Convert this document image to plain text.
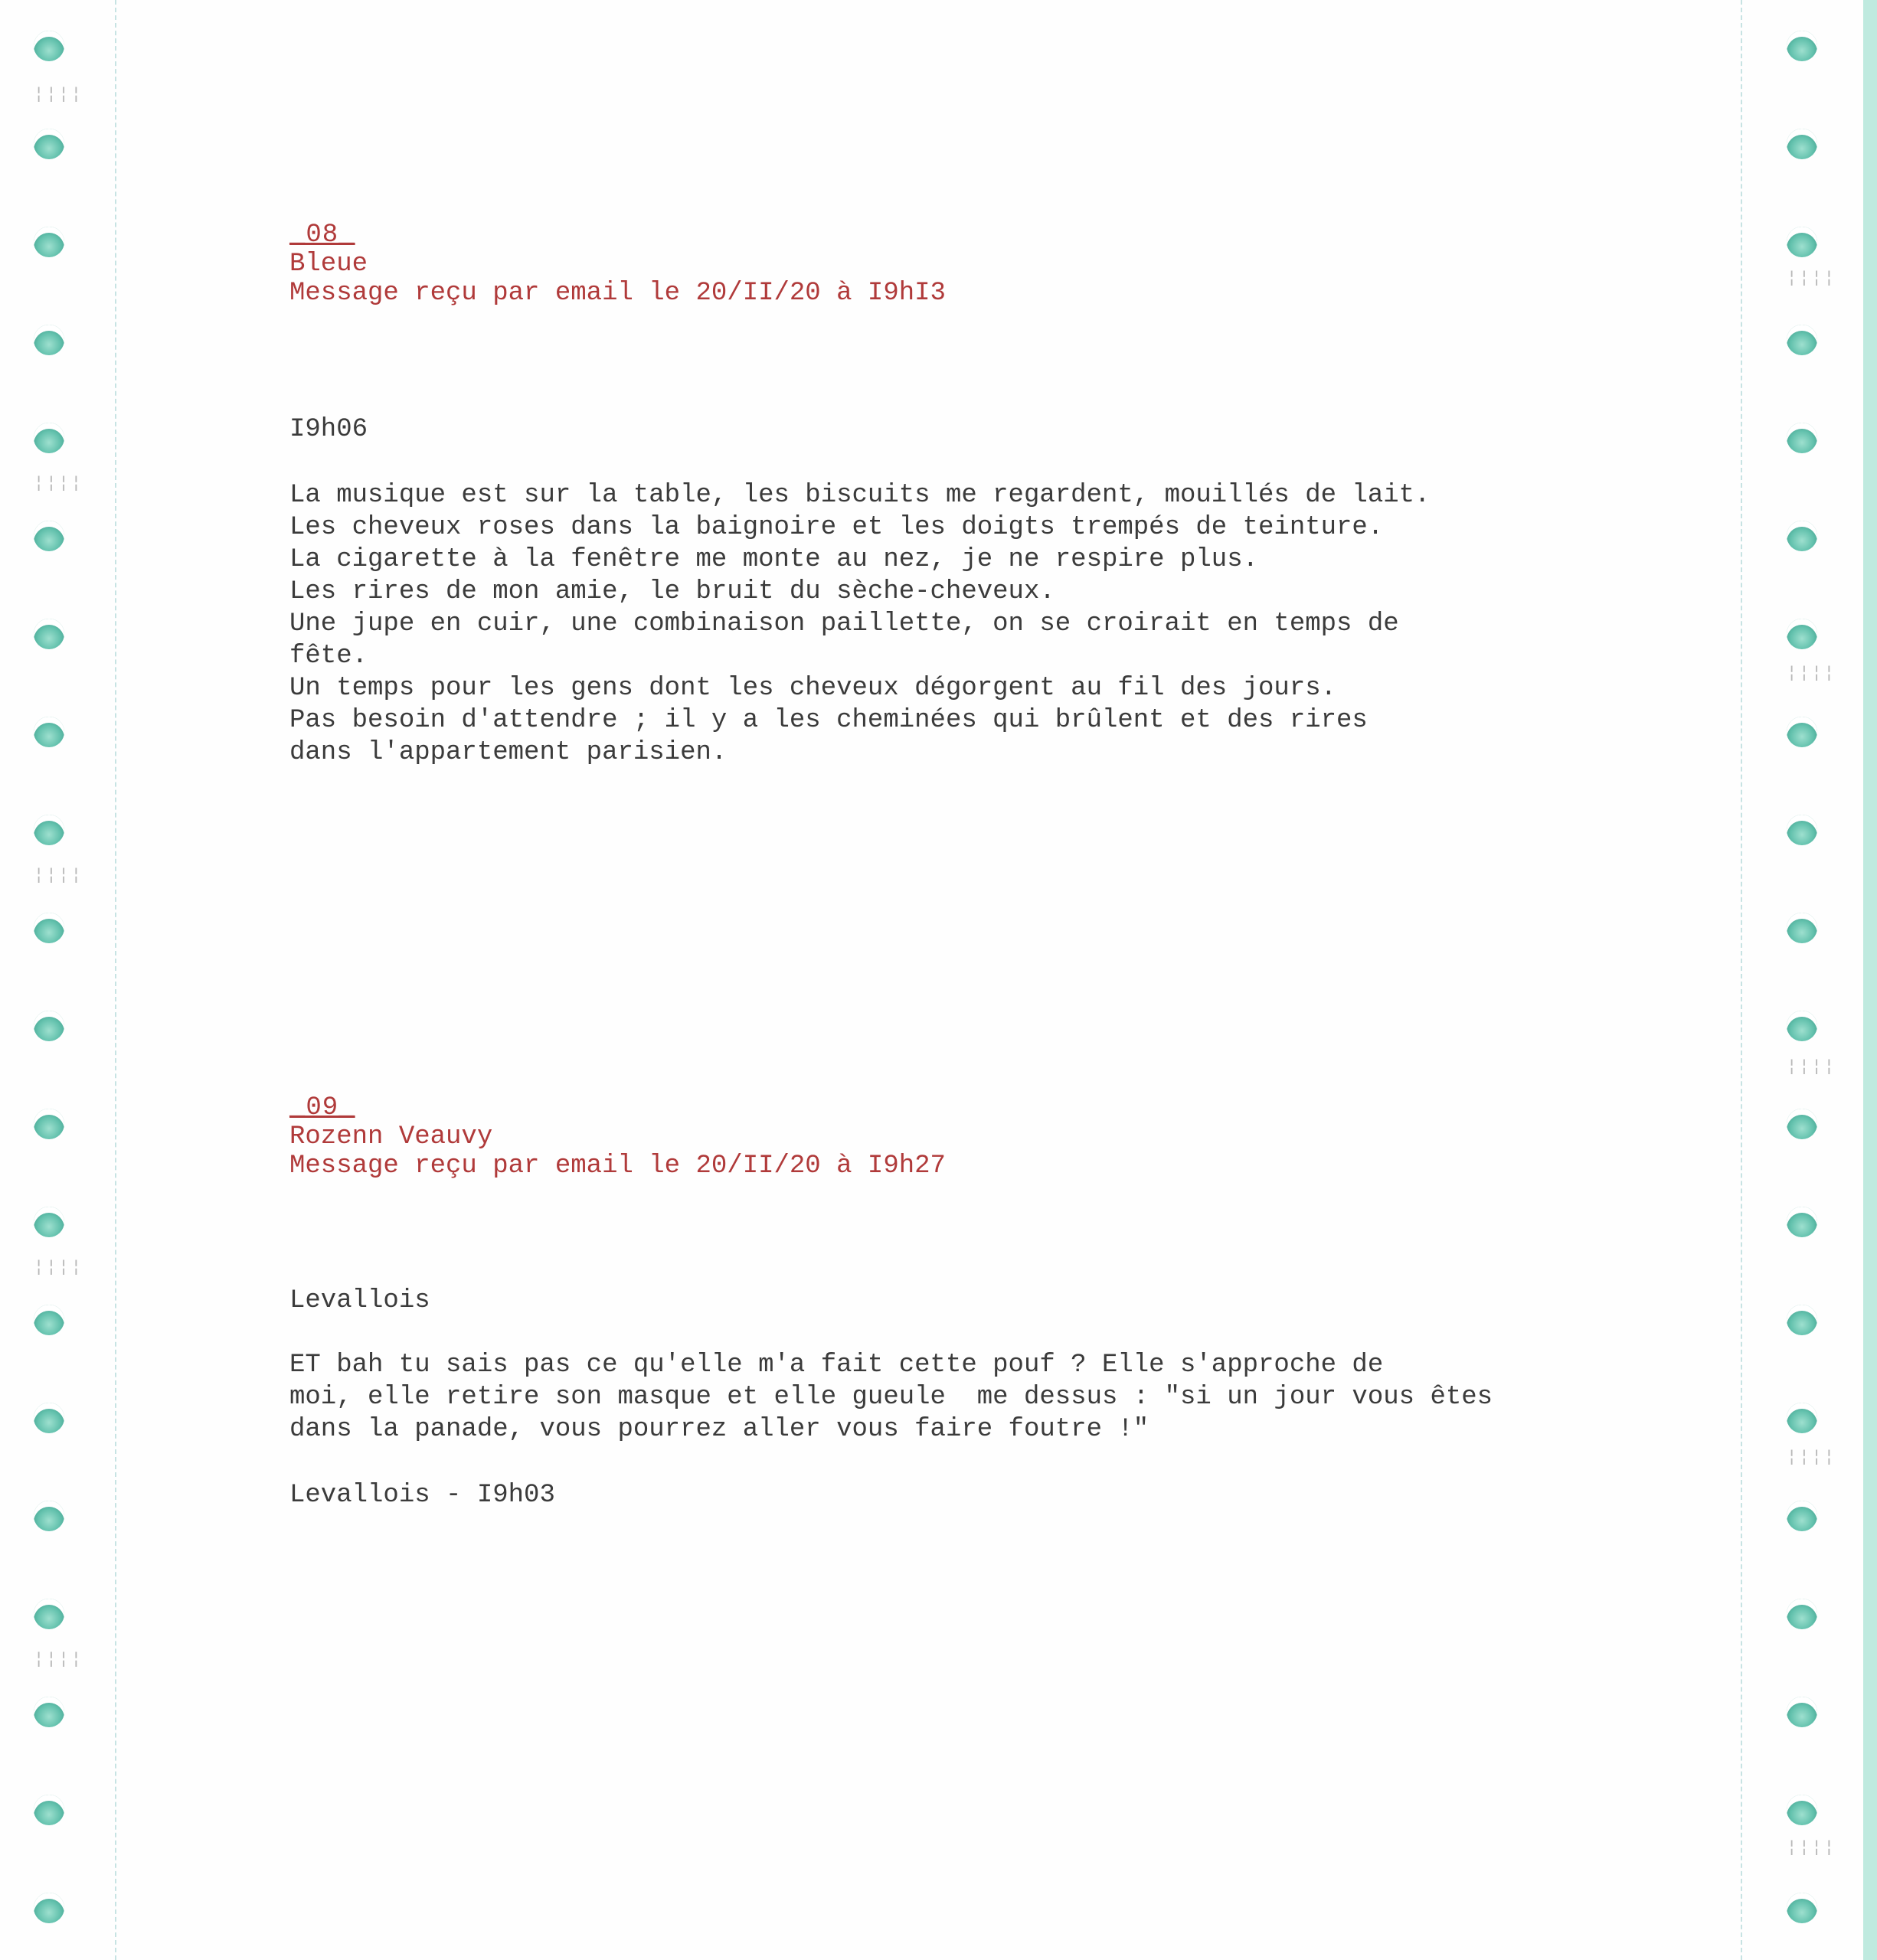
¦¦¦¦
¦¦¦¦
¦¦¦¦
¦¦¦¦
¦¦¦¦
¦¦¦¦
¦¦¦¦
¦¦¦¦
¦¦¦¦
¦¦¦¦
_08_
Bleue
Message reçu par email le 20/II/20 à I9hI3
I9h06
La musique est sur la table, les biscuits me regardent, mouillés de lait.
Les cheveux roses dans la baignoire et les doigts trempés de teinture.
La cigarette à la fenêtre me monte au nez, je ne respire plus.
Les rires de mon amie, le bruit du sèche-cheveux.
Une jupe en cuir, une combinaison paillette, on se croirait en temps de
fête.
Un temps pour les gens dont les cheveux dégorgent au fil des jours.
Pas besoin d'attendre ; il y a les cheminées qui brûlent et des rires
dans l'appartement parisien.
_09_
Rozenn Veauvy
Message reçu par email le 20/II/20 à I9h27
Levallois
ET bah tu sais pas ce qu'elle m'a fait cette pouf ? Elle s'approche de
moi, elle retire son masque et elle gueule  me dessus : "si un jour vous êtes
dans la panade, vous pourrez aller vous faire foutre !"
Levallois - I9h03
